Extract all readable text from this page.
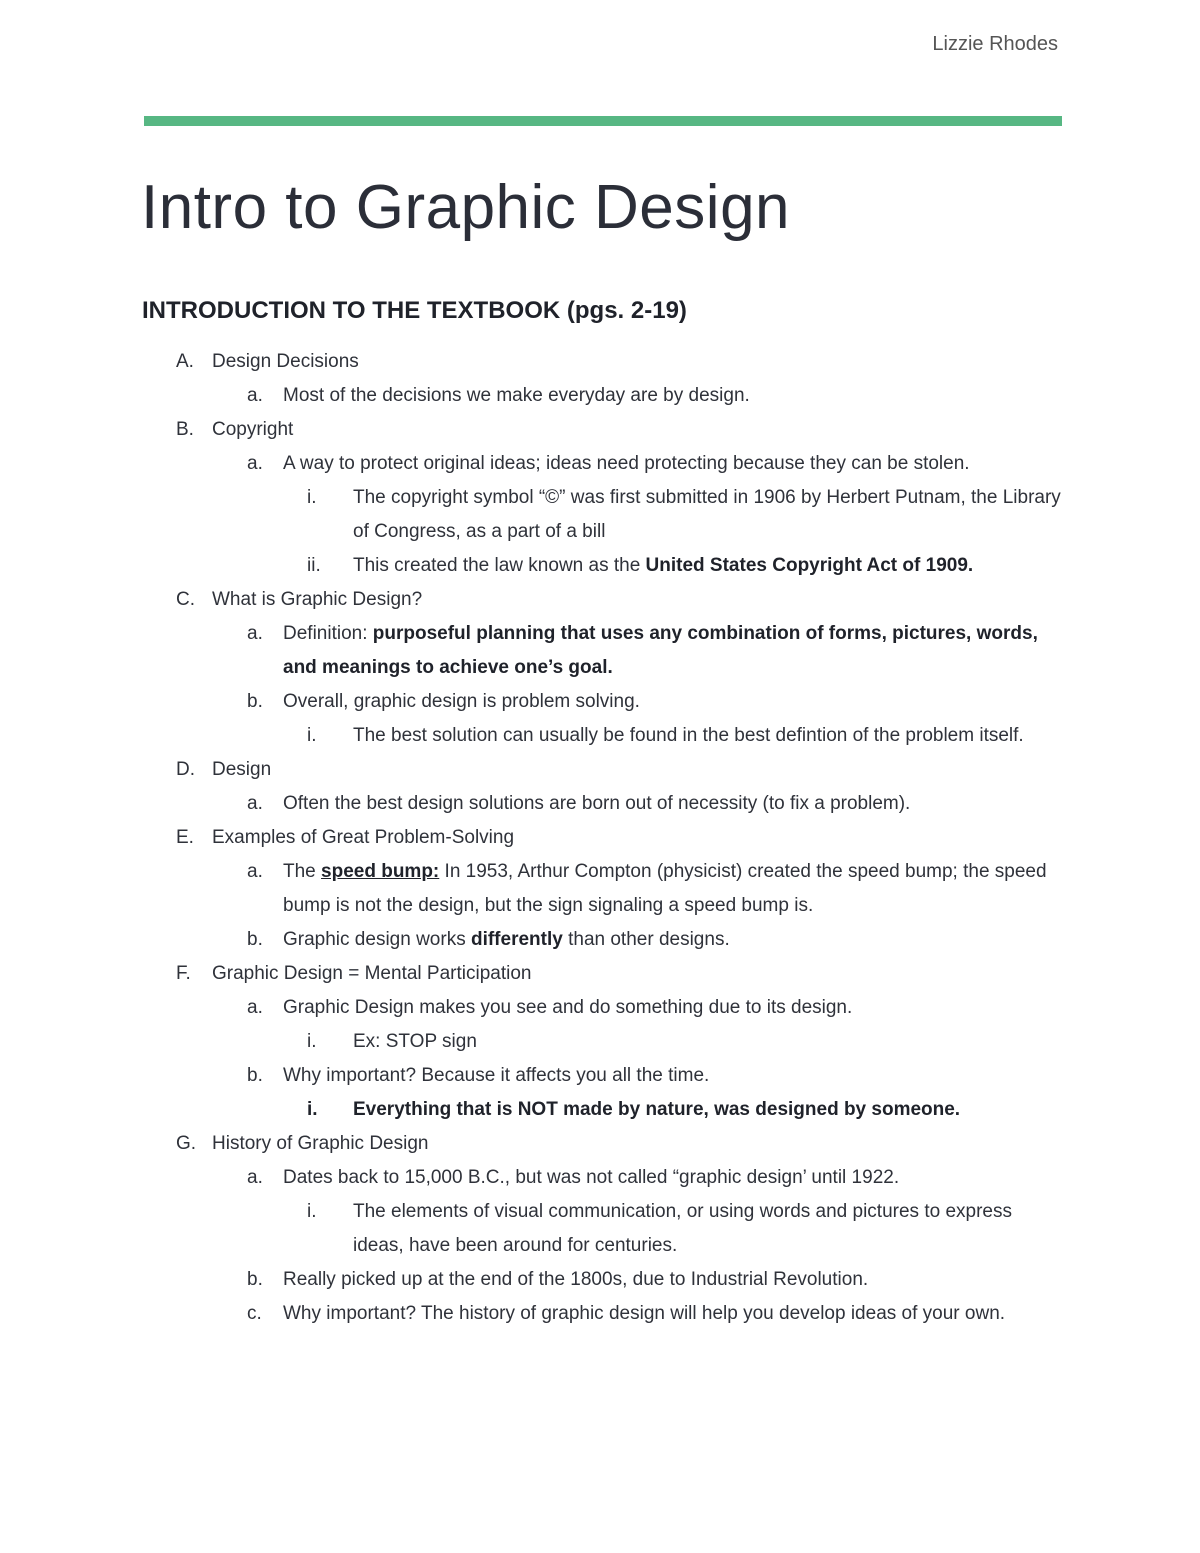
Lizzie Rhodes
Intro to Graphic Design
INTRODUCTION TO THE TEXTBOOK (pgs. 2-19)
A. Design Decisions
a. Most of the decisions we make everyday are by design.
B. Copyright
a. A way to protect original ideas; ideas need protecting because they can be stolen.
i. The copyright symbol “©” was first submitted in 1906 by Herbert Putnam, the Library of Congress, as a part of a bill
ii. This created the law known as the United States Copyright Act of 1909.
C. What is Graphic Design?
a. Definition: purposeful planning that uses any combination of forms, pictures, words, and meanings to achieve one’s goal.
b. Overall, graphic design is problem solving.
i. The best solution can usually be found in the best defintion of the problem itself.
D. Design
a. Often the best design solutions are born out of necessity (to fix a problem).
E. Examples of Great Problem-Solving
a. The speed bump: In 1953, Arthur Compton (physicist) created the speed bump; the speed bump is not the design, but the sign signaling a speed bump is.
b. Graphic design works differently than other designs.
F. Graphic Design = Mental Participation
a. Graphic Design makes you see and do something due to its design.
i. Ex: STOP sign
b. Why important? Because it affects you all the time.
i. Everything that is NOT made by nature, was designed by someone.
G. History of Graphic Design
a. Dates back to 15,000 B.C., but was not called “graphic design’ until 1922.
i. The elements of visual communication, or using words and pictures to express ideas, have been around for centuries.
b. Really picked up at the end of the 1800s, due to Industrial Revolution.
c. Why important? The history of graphic design will help you develop ideas of your own.
